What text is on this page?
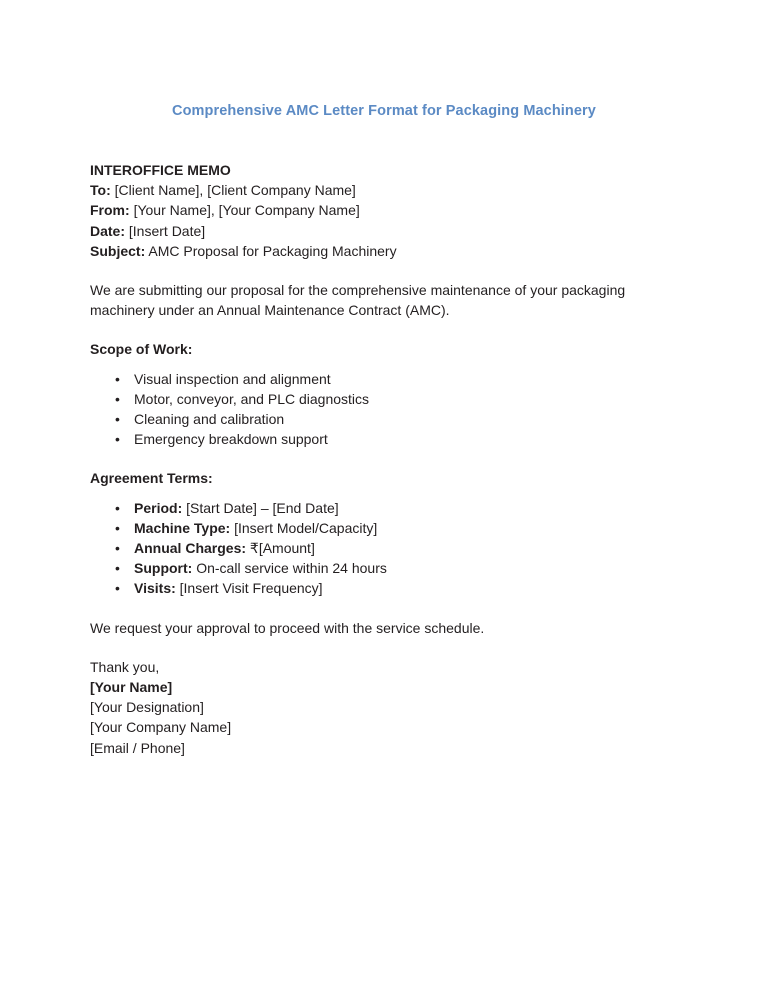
Comprehensive AMC Letter Format for Packaging Machinery
INTEROFFICE MEMO
To: [Client Name], [Client Company Name]
From: [Your Name], [Your Company Name]
Date: [Insert Date]
Subject: AMC Proposal for Packaging Machinery
We are submitting our proposal for the comprehensive maintenance of your packaging machinery under an Annual Maintenance Contract (AMC).
Scope of Work:
• Visual inspection and alignment
• Motor, conveyor, and PLC diagnostics
• Cleaning and calibration
• Emergency breakdown support
Agreement Terms:
• Period: [Start Date] – [End Date]
• Machine Type: [Insert Model/Capacity]
• Annual Charges: ₹[Amount]
• Support: On-call service within 24 hours
• Visits: [Insert Visit Frequency]
We request your approval to proceed with the service schedule.
Thank you,
[Your Name]
[Your Designation]
[Your Company Name]
[Email / Phone]
